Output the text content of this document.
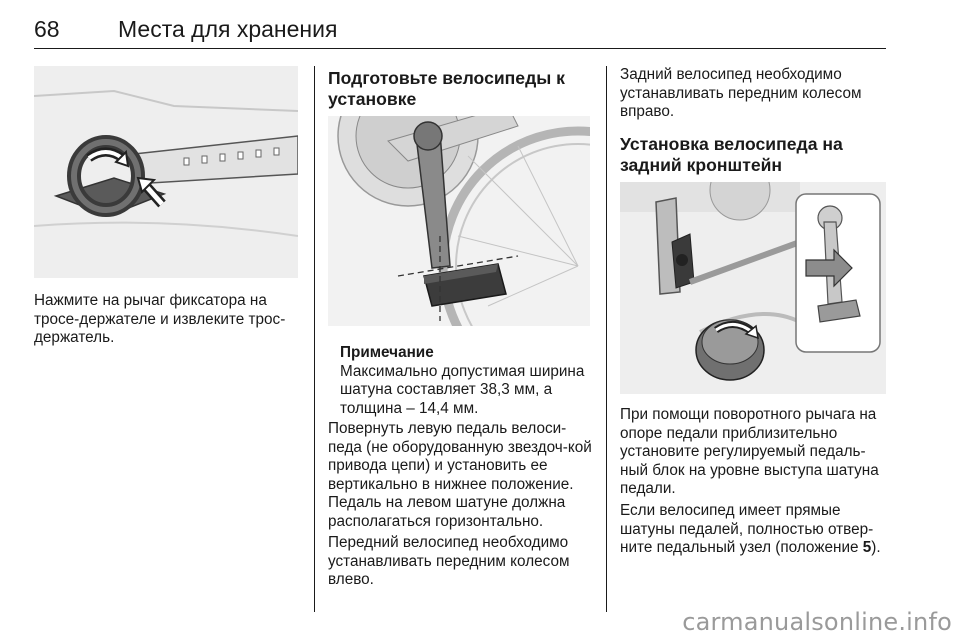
68	Места для хранения
Нажмите на рычаг фиксатора на тросе-держателе и извлеките трос-держатель.
Подготовьте велосипеды к установке
Примечание
Максимально допустимая ширина шатуна составляет 38,3 мм, а толщина – 14,4 мм.
Повернуть левую педаль велоси-педа (не оборудованную звездоч-кой привода цепи) и установить ее вертикально в нижнее положение. Педаль на левом шатуне должна располагаться горизонтально.
Передний велосипед необходимо устанавливать передним колесом влево.
Задний велосипед необходимо устанавливать передним колесом вправо.
Установка велосипеда на задний кронштейн
При помощи поворотного рычага на опоре педали приблизительно установите регулируемый педаль-ный блок на уровне выступа шатуна педали.
Если велосипед имеет прямые шатуны педалей, полностью отвер-ните педальный узел (положение 5).
carmanualsonline.info
